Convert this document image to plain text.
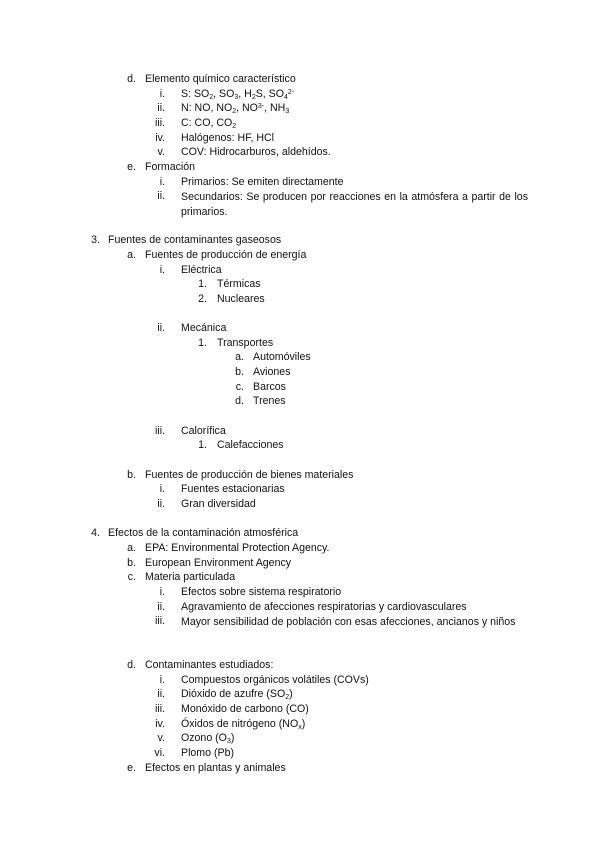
d. Elemento químico característico
i. S: $SO_2$, $SO_3$, $H_2S$, $SO_4^{2-}$
ii. N: NO, $NO_2$, $NO^{3-}$, $NH_3$
iii. C: CO, $CO_2$
iv. Halógenos: HF, HCl
v. COV: Hidrocarburos, aldehídos.
e. Formación
i. Primarios: Se emiten directamente
ii. Secundarios: Se producen por reacciones en la atmósfera a partir de los primarios.
3. Fuentes de contaminantes gaseosos
a. Fuentes de producción de energía
i. Eléctrica
1. Térmicas
2. Nucleares
ii. Mecánica
1. Transportes
a. Automóviles
b. Aviones
c. Barcos
d. Trenes
iii. Calorífica
1. Calefacciones
b. Fuentes de producción de bienes materiales
i. Fuentes estacionarias
ii. Gran diversidad
4. Efectos de la contaminación atmosférica
a. EPA: Environmental Protection Agency.
b. European Environment Agency
c. Materia particulada
i. Efectos sobre sistema respiratorio
ii. Agravamiento de afecciones respiratorias y cardiovasculares
iii. Mayor sensibilidad de población con esas afecciones, ancianos y niños
d. Contaminantes estudiados:
i. Compuestos orgánicos volátiles (COVs)
ii. Dióxido de azufre $(SO_2)$
iii. Monóxido de carbono (CO)
iv. Óxidos de nitrógeno $(NO_x)$
v. Ozono $(O_3)$
vi. Plomo (Pb)
e. Efectos en plantas y animales
